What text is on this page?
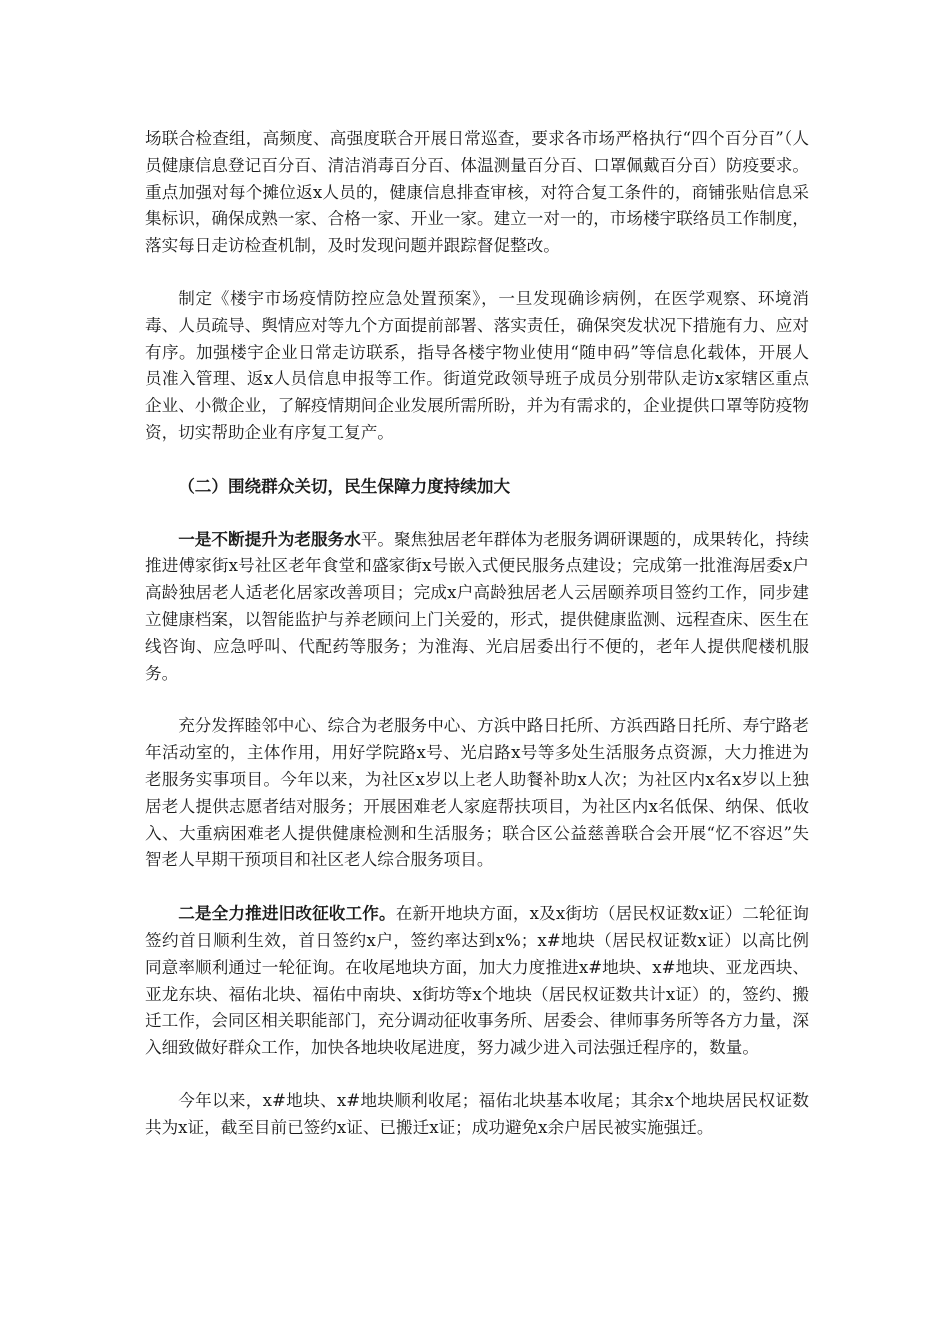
场联合检查组，高频度、高强度联合开展日常巡查，要求各市场严格执行“四个百分百”（人员健康信息登记百分百、清洁消毒百分百、体温测量百分百、口罩佩戴百分百）防疫要求。重点加强对每个摊位返x人员的，健康信息排查审核，对符合复工条件的，商铺张贴信息采集标识，确保成熟一家、合格一家、开业一家。建立一对一的，市场楼宇联络员工作制度，落实每日走访检查机制，及时发现问题并跟踪督促整改。

制定《楼宇市场疫情防控应急处置预案》，一旦发现确诊病例，在医学观察、环境消毒、人员疏导、舆情应对等九个方面提前部署、落实责任，确保突发状况下措施有力、应对有序。加强楼宇企业日常走访联系，指导各楼宇物业使用“随申码”等信息化载体，开展人员准入管理、返x人员信息申报等工作。街道党政领导班子成员分别带队走访x家辖区重点企业、小微企业，了解疫情期间企业发展所需所盼，并为有需求的，企业提供口罩等防疫物资，切实帮助企业有序复工复产。

（二）围绕群众关切，民生保障力度持续加大

一是不断提升为老服务水平。聚焦独居老年群体为老服务调研课题的，成果转化，持续推进傅家街x号社区老年食堂和盛家街x号嵌入式便民服务点建设；完成第一批淮海居委x户高龄独居老人适老化居家改善项目；完成x户高龄独居老人云居颐养项目签约工作，同步建立健康档案，以智能监护与养老顾问上门关爱的，形式，提供健康监测、远程查床、医生在线咨询、应急呼叫、代配药等服务；为淮海、光启居委出行不便的，老年人提供爬楼机服务。

充分发挥睦邻中心、综合为老服务中心、方浜中路日托所、方浜西路日托所、寿宁路老年活动室的，主体作用，用好学院路x号、光启路x号等多处生活服务点资源，大力推进为老服务实事项目。今年以来，为社区x岁以上老人助餐补助x人次；为社区内x名x岁以上独居老人提供志愿者结对服务；开展困难老人家庭帮扶项目，为社区内x名低保、纳保、低收入、大重病困难老人提供健康检测和生活服务；联合区公益慈善联合会开展“忆不容迟”失智老人早期干预项目和社区老人综合服务项目。

二是全力推进旧改征收工作。在新开地块方面，x及x街坊（居民权证数x证）二轮征询签约首日顺利生效，首日签约x户，签约率达到x%；x#地块（居民权证数x证）以高比例同意率顺利通过一轮征询。在收尾地块方面，加大力度推进x#地块、x#地块、亚龙西块、亚龙东块、福佑北块、福佑中南块、x街坊等x个地块（居民权证数共计x证）的，签约、搬迁工作，会同区相关职能部门，充分调动征收事务所、居委会、律师事务所等各方力量，深入细致做好群众工作，加快各地块收尾进度，努力减少进入司法强迁程序的，数量。

今年以来，x#地块、x#地块顺利收尾；福佑北块基本收尾；其余x个地块居民权证数共为x证，截至目前已签约x证、已搬迁x证；成功避免x余户居民被实施强迁。
